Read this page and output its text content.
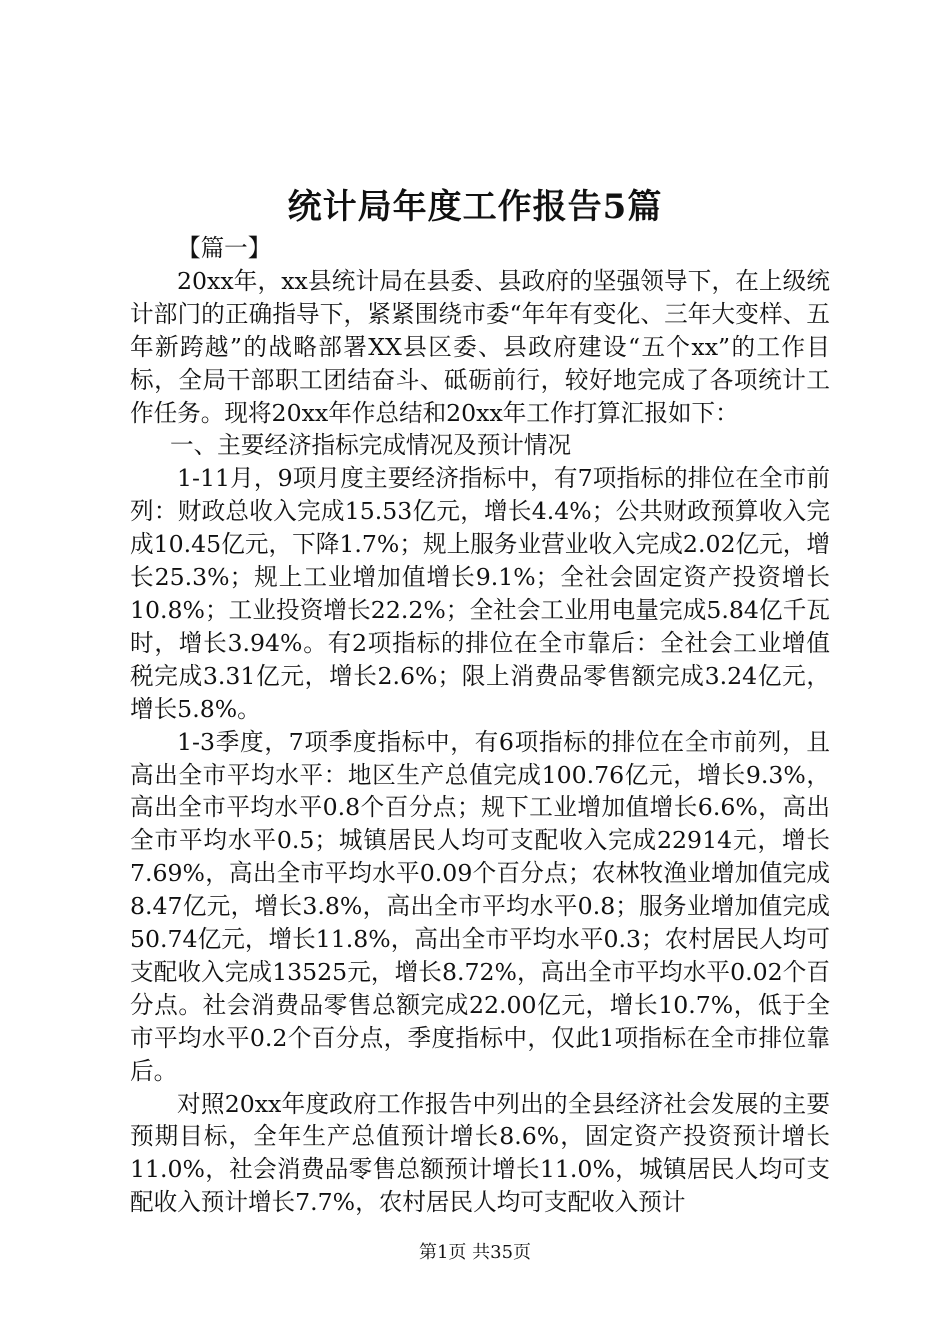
统计局年度工作报告5篇

【篇一】

20xx年，xx县统计局在县委、县政府的坚强领导下，在上级统计部门的正确指导下，紧紧围绕市委“年年有变化、三年大变样、五年新跨越”的战略部署XX县区委、县政府建设“五个xx”的工作目标，全局干部职工团结奋斗、砥砺前行，较好地完成了各项统计工作任务。现将20xx年作总结和20xx年工作打算汇报如下：

一、主要经济指标完成情况及预计情况

1-11月，9项月度主要经济指标中，有7项指标的排位在全市前列：财政总收入完成15.53亿元，增长4.4%；公共财政预算收入完成10.45亿元，下降1.7%；规上服务业营业收入完成2.02亿元，增长25.3%；规上工业增加值增长9.1%；全社会固定资产投资增长10.8%；工业投资增长22.2%；全社会工业用电量完成5.84亿千瓦时，增长3.94%。有2项指标的排位在全市靠后：全社会工业增值税完成3.31亿元，增长2.6%；限上消费品零售额完成3.24亿元，增长5.8%。

1-3季度，7项季度指标中，有6项指标的排位在全市前列，且高出全市平均水平：地区生产总值完成100.76亿元，增长9.3%，高出全市平均水平0.8个百分点；规下工业增加值增长6.6%，高出全市平均水平0.5；城镇居民人均可支配收入完成22914元，增长7.69%，高出全市平均水平0.09个百分点；农林牧渔业增加值完成8.47亿元，增长3.8%，高出全市平均水平0.8；服务业增加值完成50.74亿元，增长11.8%，高出全市平均水平0.3；农村居民人均可支配收入完成13525元，增长8.72%，高出全市平均水平0.02个百分点。社会消费品零售总额完成22.00亿元，增长10.7%，低于全市平均水平0.2个百分点，季度指标中，仅此1项指标在全市排位靠后。

对照20xx年度政府工作报告中列出的全县经济社会发展的主要预期目标，全年生产总值预计增长8.6%，固定资产投资预计增长11.0%，社会消费品零售总额预计增长11.0%，城镇居民人均可支配收入预计增长7.7%，农村居民人均可支配收入预计

第1页 共35页
